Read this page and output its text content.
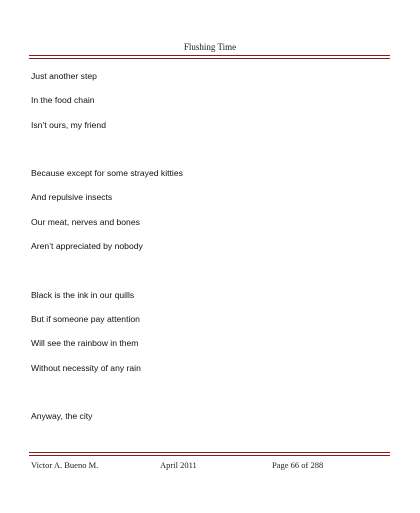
Flushing Time
Just another step
In the food chain
Isn’t ours, my friend
Because except for some strayed kitties
And repulsive insects
Our meat, nerves and bones
Aren’t appreciated by nobody
Black is the ink in our quills
But if someone pay attention
Will see the rainbow in them
Without necessity of any rain
Anyway, the city
Victor A. Bueno M.	April 2011	Page 66 of 288
